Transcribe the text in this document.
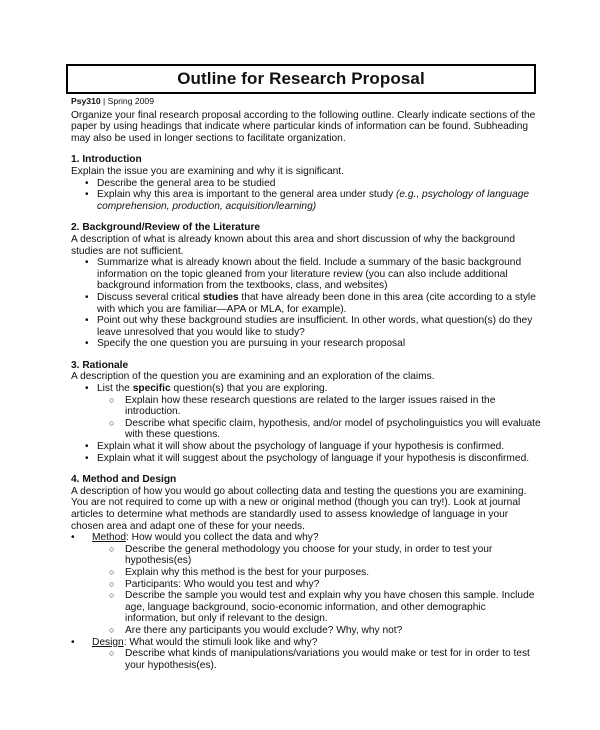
Outline for Research Proposal
Psy310 | Spring 2009

Organize your final research proposal according to the following outline. Clearly indicate sections of the paper by using headings that indicate where particular kinds of information can be found. Subheading may also be used in longer sections to facilitate organization.

1. Introduction

Explain the issue you are examining and why it is significant.

• Describe the general area to be studied
• Explain why this area is important to the general area under study (e.g., psychology of language comprehension, production, acquisition/learning)

2. Background/Review of the Literature

A description of what is already known about this area and short discussion of why the background studies are not sufficient.

• Summarize what is already known about the field. Include a summary of the basic background information on the topic gleaned from your literature review (you can also include additional background information from the textbooks, class, and websites)
• Discuss several critical studies that have already been done in this area (cite according to a style with which you are familiar—APA or MLA, for example).
• Point out why these background studies are insufficient. In other words, what question(s) do they leave unresolved that you would like to study?
• Specify the one question you are pursuing in your research proposal

3. Rationale

A description of the question you are examining and an exploration of the claims.

• List the specific question(s) that you are exploring.
○ Explain how these research questions are related to the larger issues raised in the introduction.
○ Describe what specific claim, hypothesis, and/or model of psycholinguistics you will evaluate with these questions.
• Explain what it will show about the psychology of language if your hypothesis is confirmed.
• Explain what it will suggest about the psychology of language if your hypothesis is disconfirmed.

4. Method and Design

A description of how you would go about collecting data and testing the questions you are examining. You are not required to come up with a new or original method (though you can try!). Look at journal articles to determine what methods are standardly used to assess knowledge of language in your chosen area and adapt one of these for your needs.

• Method: How would you collect the data and why?
○ Describe the general methodology you choose for your study, in order to test your hypothesis(es)
○ Explain why this method is the best for your purposes.
○ Participants: Who would you test and why?
○ Describe the sample you would test and explain why you have chosen this sample. Include age, language background, socio-economic information, and other demographic information, but only if relevant to the design.
○ Are there any participants you would exclude? Why, why not?
• Design: What would the stimuli look like and why?
○ Describe what kinds of manipulations/variations you would make or test for in order to test your hypothesis(es).
